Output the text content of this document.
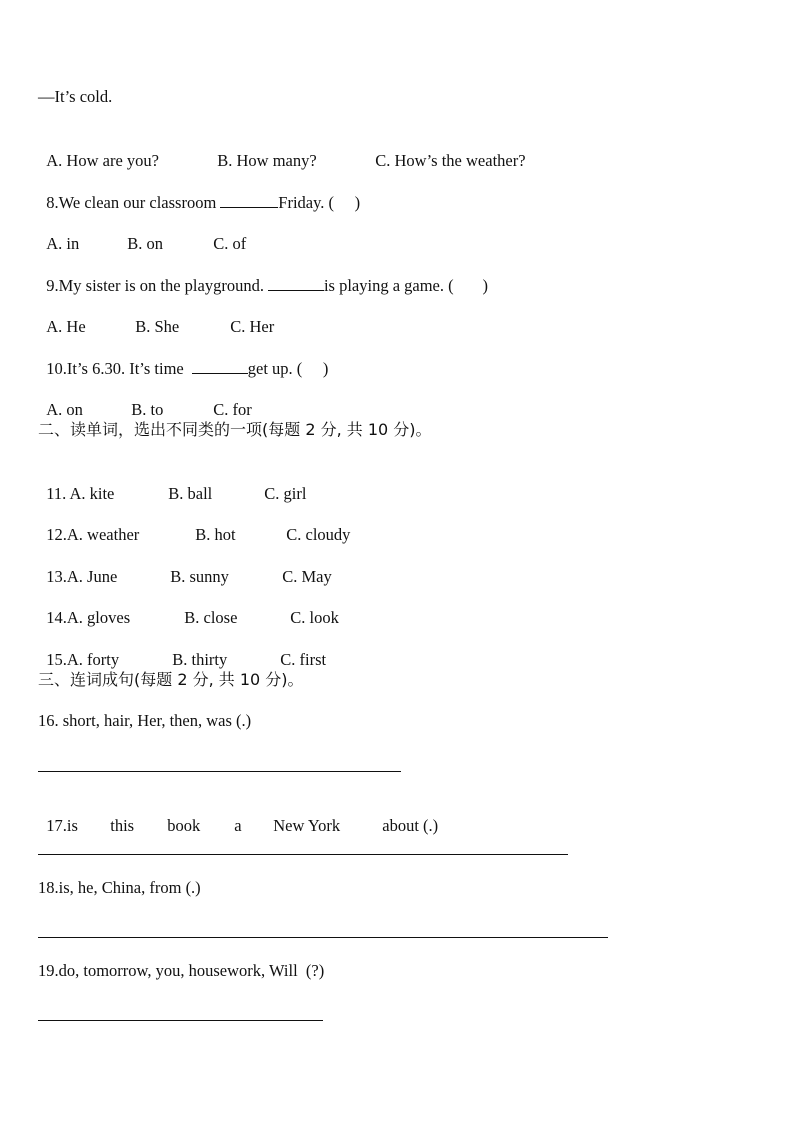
—It’s cold.

A. How are you?	B. How many?	C. How’s the weather?

8.We clean our classroom	Friday. (     )

A. in	B. on	C. of

9.My sister is on the playground.	is playing a game. (       )

A. He	B. She	C. Her

10.It’s 6.30. It’s time	get up. (     )

A. on	B. to	C. for

二、读单词，选出不同类的一项(每题 2 分, 共 10 分)。

11. A. kite	B. ball	C. girl

12.A. weather	B. hot	C. cloudy

13.A. June	B. sunny	C. May

14.A. gloves	B. close	C. look

15.A. forty	B. thirty	C. first

三、连词成句(每题 2 分, 共 10 分)。
16. short, hair, Her, then, was (.)

17.is this book a New York	about (.)

18.is, he, China, from (.)
19.do, tomorrow, you, housework, Will  (?)
